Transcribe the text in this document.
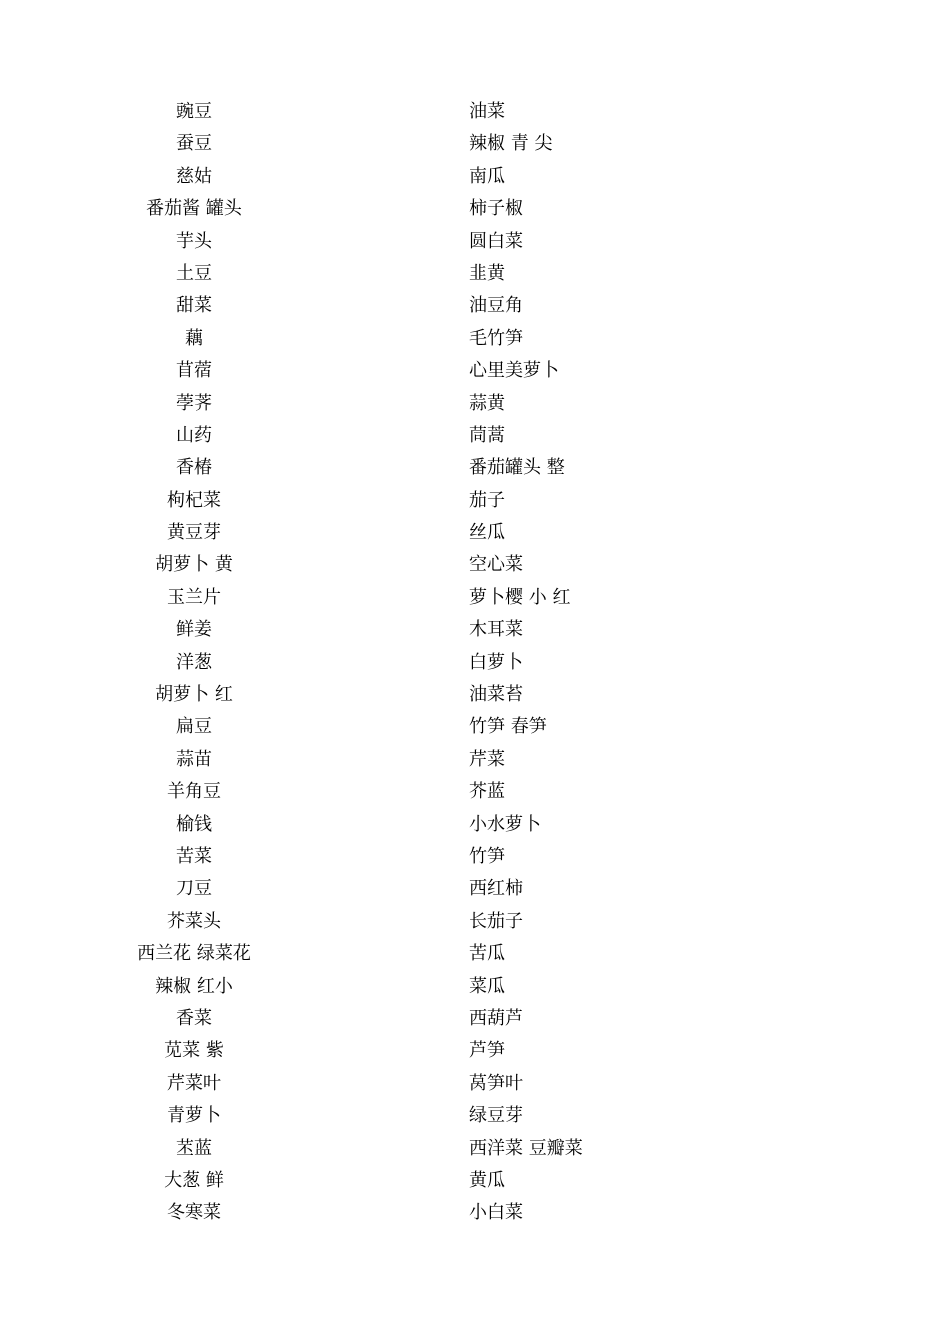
豌豆	油菜
蚕豆	辣椒 青 尖
慈姑	南瓜
番茄酱 罐头	柿子椒
芋头	圆白菜
土豆	韭黄
甜菜	油豆角
藕	毛竹笋
苜蓿	心里美萝卜
荸荠	蒜黄
山药	茼蒿
香椿	番茄罐头 整
枸杞菜	茄子
黄豆芽	丝瓜
胡萝卜 黄	空心菜
玉兰片	萝卜樱 小 红
鲜姜	木耳菜
洋葱	白萝卜
胡萝卜 红	油菜苔
扁豆	竹笋 春笋
蒜苗	芹菜
羊角豆	芥蓝
榆钱	小水萝卜
苦菜	竹笋
刀豆	西红柿
芥菜头	长茄子
西兰花 绿菜花	苦瓜
辣椒 红小	菜瓜
香菜	西葫芦
苋菜 紫	芦笋
芹菜叶	莴笋叶
青萝卜	绿豆芽
苤蓝	西洋菜 豆瓣菜
大葱 鲜	黄瓜
冬寒菜	小白菜
